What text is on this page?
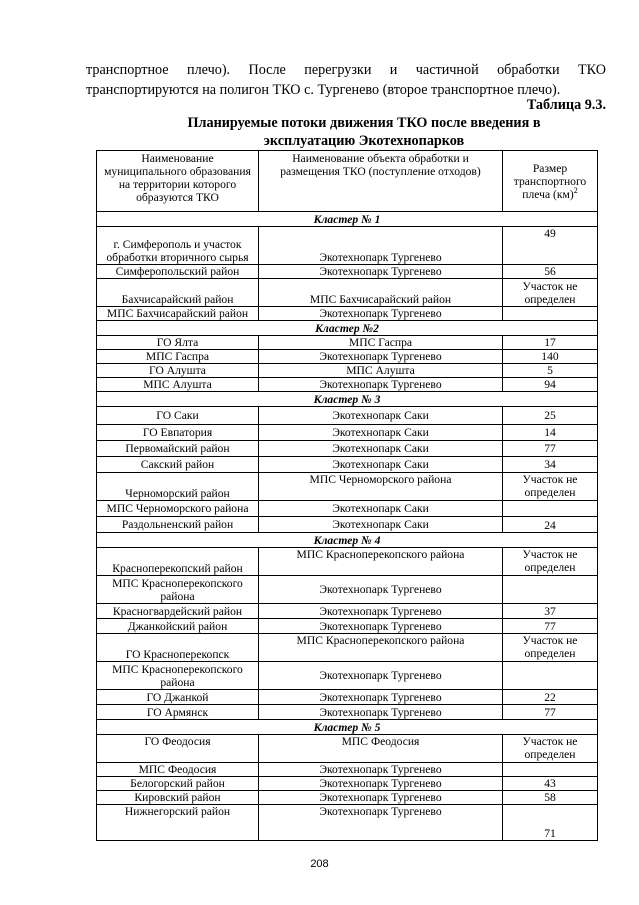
транспортное плечо). После перегрузки и частичной обработки ТКО
транспортируются на полигон ТКО с. Тургенево (второе транспортное плечо).
Таблица 9.3.
Планируемые потоки движения ТКО после введения в
эксплуатацию Экотехнопарков
Наименование муниципального образования на территории которого образуются ТКО	Наименование объекта обработки и размещения ТКО (поступление отходов)	Размер транспортного плеча (км)$^2$
Кластер № 1		
г. Симферополь и участок обработки вторичного сырья	Экотехнопарк Тургенево	49
Симферопольский район	Экотехнопарк Тургенево	56
Бахчисарайский район	МПС Бахчисарайский район	Участок не определен
МПС Бахчисарайский район	Экотехнопарк Тургенево	
Кластер №2		
ГО Ялта	МПС Гаспра	17
МПС Гаспра	Экотехнопарк Тургенево	140
ГО Алушта	МПС Алушта	5
МПС Алушта	Экотехнопарк Тургенево	94
Кластер № 3		
ГО Саки	Экотехнопарк Саки	25
ГО Евпатория	Экотехнопарк Саки	14
Первомайский район	Экотехнопарк Саки	77
Сакский район	Экотехнопарк Саки	34
Черноморский район	МПС Черноморского района	Участок не определен
МПС Черноморского района	Экотехнопарк Саки	
Раздольненский район	Экотехнопарк Саки	24
Кластер № 4		
Красноперекопский район	МПС Красноперекопского района	Участок не определен
МПС Красноперекопского района	Экотехнопарк Тургенево	
Красногвардейский район	Экотехнопарк Тургенево	37
Джанкойский район	Экотехнопарк Тургенево	77
ГО Красноперекопск	МПС Красноперекопского района	Участок не определен
МПС Красноперекопского района	Экотехнопарк Тургенево	
ГО Джанкой	Экотехнопарк Тургенево	22
ГО Армянск	Экотехнопарк Тургенево	77
Кластер № 5		
ГО Феодосия	МПС Феодосия	Участок не определен
МПС Феодосия	Экотехнопарк Тургенево	
Белогорский район	Экотехнопарк Тургенево	43
Кировский район	Экотехнопарк Тургенево	58
Нижнегорский район	Экотехнопарк Тургенево	71
208
